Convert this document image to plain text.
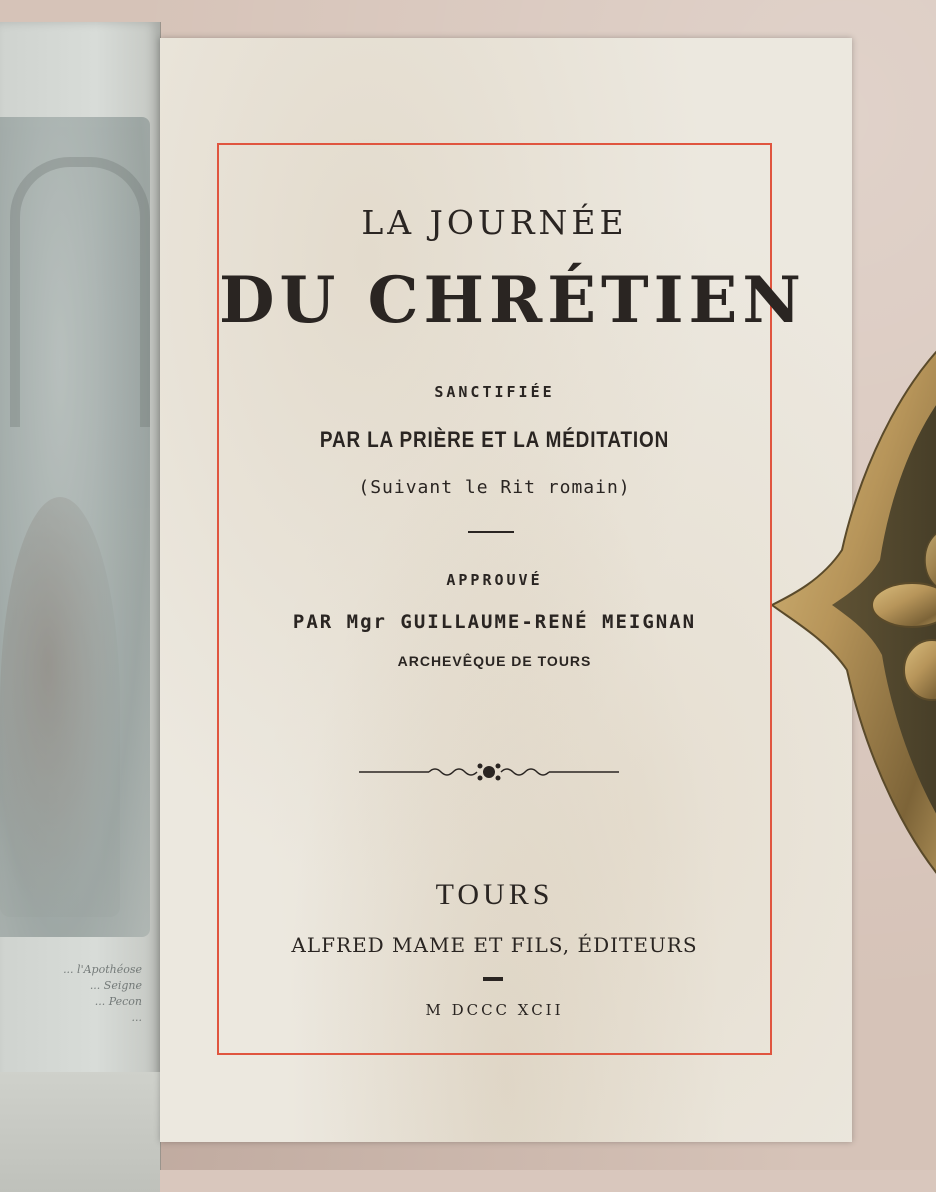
... l'Apothéose
... Seigne
... Pecon
...
LA JOURNÉE
DU CHRÉTIEN
SANCTIFIÉE
PAR LA PRIÈRE ET LA MÉDITATION
(Suivant le Rit romain)
APPROUVÉ
PAR Mgr GUILLAUME-RENÉ MEIGNAN
ARCHEVÊQUE DE TOURS
TOURS
ALFRED MAME ET FILS, ÉDITEURS
M DCCC XCII
